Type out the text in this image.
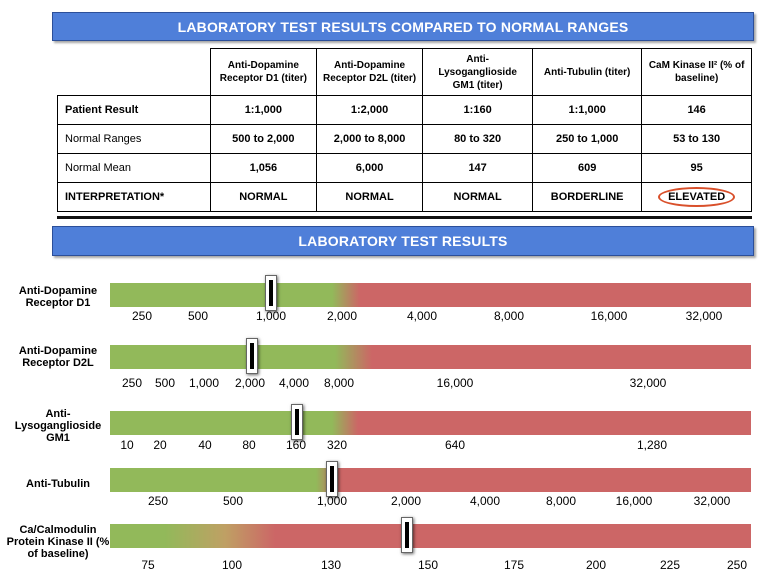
LABORATORY TEST RESULTS COMPARED TO NORMAL RANGES
	Anti-Dopamine Receptor D1 (titer)	Anti-Dopamine Receptor D2L (titer)	Anti-Lysoganglioside GM1 (titer)	Anti-Tubulin (titer)	CaM Kinase II² (% of baseline)
Patient Result	1:1,000	1:2,000	1:160	1:1,000	146
Normal Ranges	500 to 2,000	2,000 to 8,000	80 to 320	250 to 1,000	53 to 130
Normal Mean	1,056	6,000	147	609	95
INTERPRETATION*	NORMAL	NORMAL	NORMAL	BORDERLINE	ELEVATED
LABORATORY TEST RESULTS
Anti-Dopamine Receptor D1
250	500	1,000	2,000	4,000	8,000	16,000	32,000
Anti-Dopamine Receptor D2L
250 500 1,000 2,000 4,000 8,000	16,000	32,000
Anti-Lysoganglioside GM1	10 20	40	80	160 320	640	1,280
Anti-Tubulin
250	500	1,000	2,000	4,000	8,000	16,000	32,000
Ca/Calmodulin Protein Kinase II (% of baseline)
75	100	130	150	175	200	225	250
